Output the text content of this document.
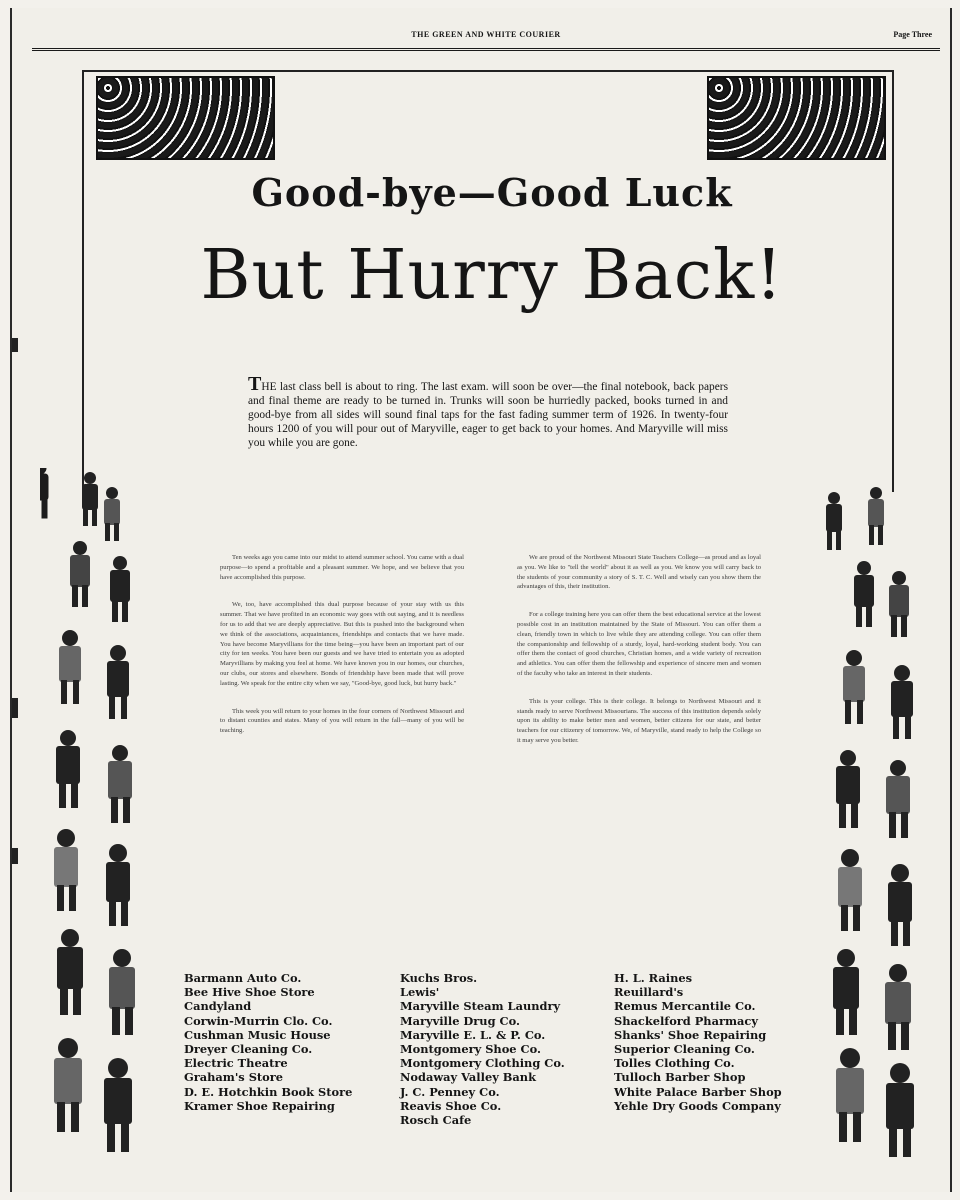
THE GREEN AND WHITE COURIER	Page Three
Good-bye—Good Luck
But Hurry Back!

THE last class bell is about to ring. The last exam. will soon be over—the final notebook, back papers and final theme are ready to be turned in. Trunks will soon be hurriedly packed, books turned in and good-bye from all sides will sound final taps for the fast fading summer term of 1926. In twenty-four hours 1200 of you will pour out of Maryville, eager to get back to your homes. And Maryville will miss you while you are gone.

Ten weeks ago you came into our midst to attend summer school. You came with a dual purpose—to spend a profitable and a pleasant summer. We hope, and we believe that you have accomplished this purpose.

We, too, have accomplished this dual purpose because of your stay with us this summer. That we have profited in an economic way goes with out saying, and it is needless for us to add that we are deeply appreciative. But this is pushed into the background when we think of the associations, acquaintances, friendships and contacts that we have made. You have become Maryvillians for the time being—you have been an important part of our city for ten weeks. You have been our guests and we have tried to entertain you as adopted Maryvillians by making you feel at home. We have known you in our homes, our churches, our clubs, our stores and elsewhere. Bonds of friendship have been made that will prove lasting. We speak for the entire city when we say, "Good-bye, good luck, but hurry back."

This week you will return to your homes in the four corners of Northwest Missouri and to distant counties and states. Many of you will return in the fall—many of you will be teaching.

We are proud of the Northwest Missouri State Teachers College—as proud and as loyal as you. We like to "tell the world" about it as well as you. We know you will carry back to the students of your community a story of S. T. C. Well and wisely can you show them the advantages of this, their institution.

For a college training here you can offer them the best educational service at the lowest possible cost in an institution maintained by the State of Missouri. You can offer them a clean, friendly town in which to live while they are attending college. You can offer them the companionship and fellowship of a sturdy, loyal, hard-working student body. You can offer them the contact of good churches, Christian homes, and a wide variety of recreation and athletics. You can offer them the fellowship and experience of sincere men and women of the faculty who take an interest in their students.

This is your college. This is their college. It belongs to Northwest Missouri and it stands ready to serve Northwest Missourians. The success of this institution depends solely upon its ability to make better men and women, better citizens for our state, and better teachers for our citizenry of tomorrow. We, of Maryville, stand ready to help the College so it may serve you better.

Barmann Auto Co.
Bee Hive Shoe Store
Candyland
Corwin-Murrin Clo. Co.
Cushman Music House
Dreyer Cleaning Co.
Electric Theatre
Graham's Store
D. E. Hotchkin Book Store
Kramer Shoe Repairing
Kuchs Bros.
Lewis'
Maryville Steam Laundry
Maryville Drug Co.
Maryville E. L. & P. Co.
Montgomery Shoe Co.
Montgomery Clothing Co.
Nodaway Valley Bank
J. C. Penney Co.
Reavis Shoe Co.
Rosch Cafe
H. L. Raines
Reuillard's
Remus Mercantile Co.
Shackelford Pharmacy
Shanks' Shoe Repairing
Superior Cleaning Co.
Tolles Clothing Co.
Tulloch Barber Shop
White Palace Barber Shop
Yehle Dry Goods Company
